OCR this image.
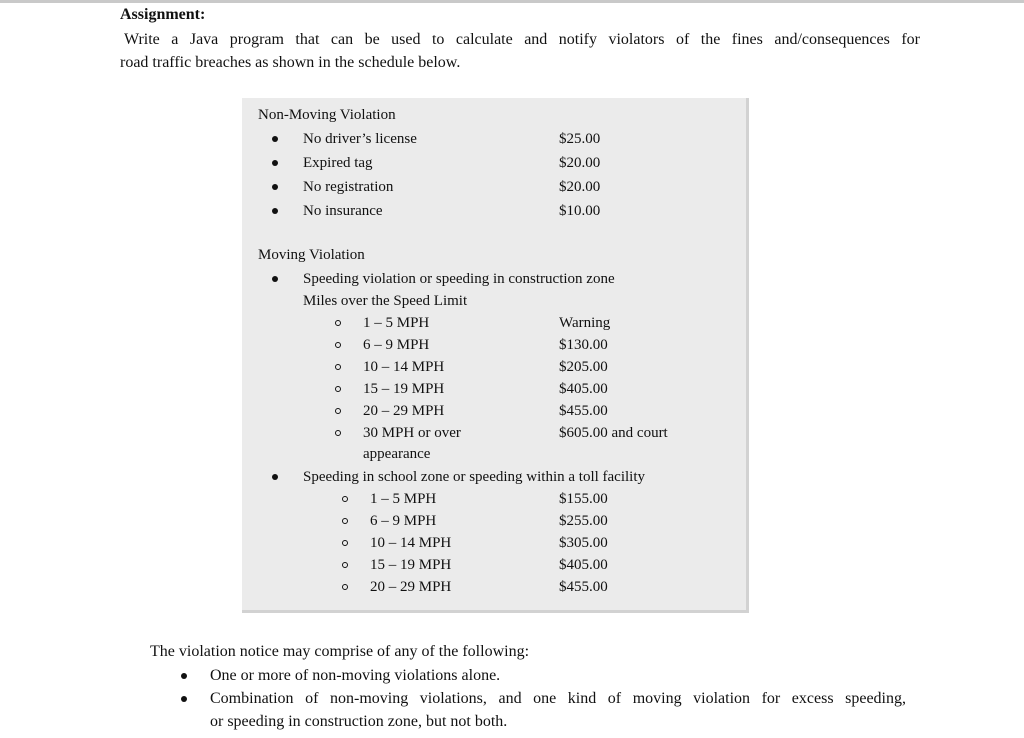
Assignment:
Write a Java program that can be used to calculate and notify violators of the fines and/consequences for
road traffic breaches as shown in the schedule below.
Non-Moving Violation
No driver’s license	$25.00
Expired tag	$20.00
No registration	$20.00
No insurance	$10.00
Moving Violation
Speeding violation or speeding in construction zone
Miles over the Speed Limit
1 – 5 MPH	Warning
6 – 9 MPH	$130.00
10 – 14 MPH	$205.00
15 – 19 MPH	$405.00
20 – 29 MPH	$455.00
30 MPH or over	$605.00 and court
appearance
Speeding in school zone or speeding within a toll facility
1 – 5 MPH	$155.00
6 – 9 MPH	$255.00
10 – 14 MPH	$305.00
15 – 19 MPH	$405.00
20 – 29 MPH	$455.00
The violation notice may comprise of any of the following:
One or more of non-moving violations alone.
Combination of non-moving violations, and one kind of moving violation for excess speeding,
or speeding in construction zone, but not both.
